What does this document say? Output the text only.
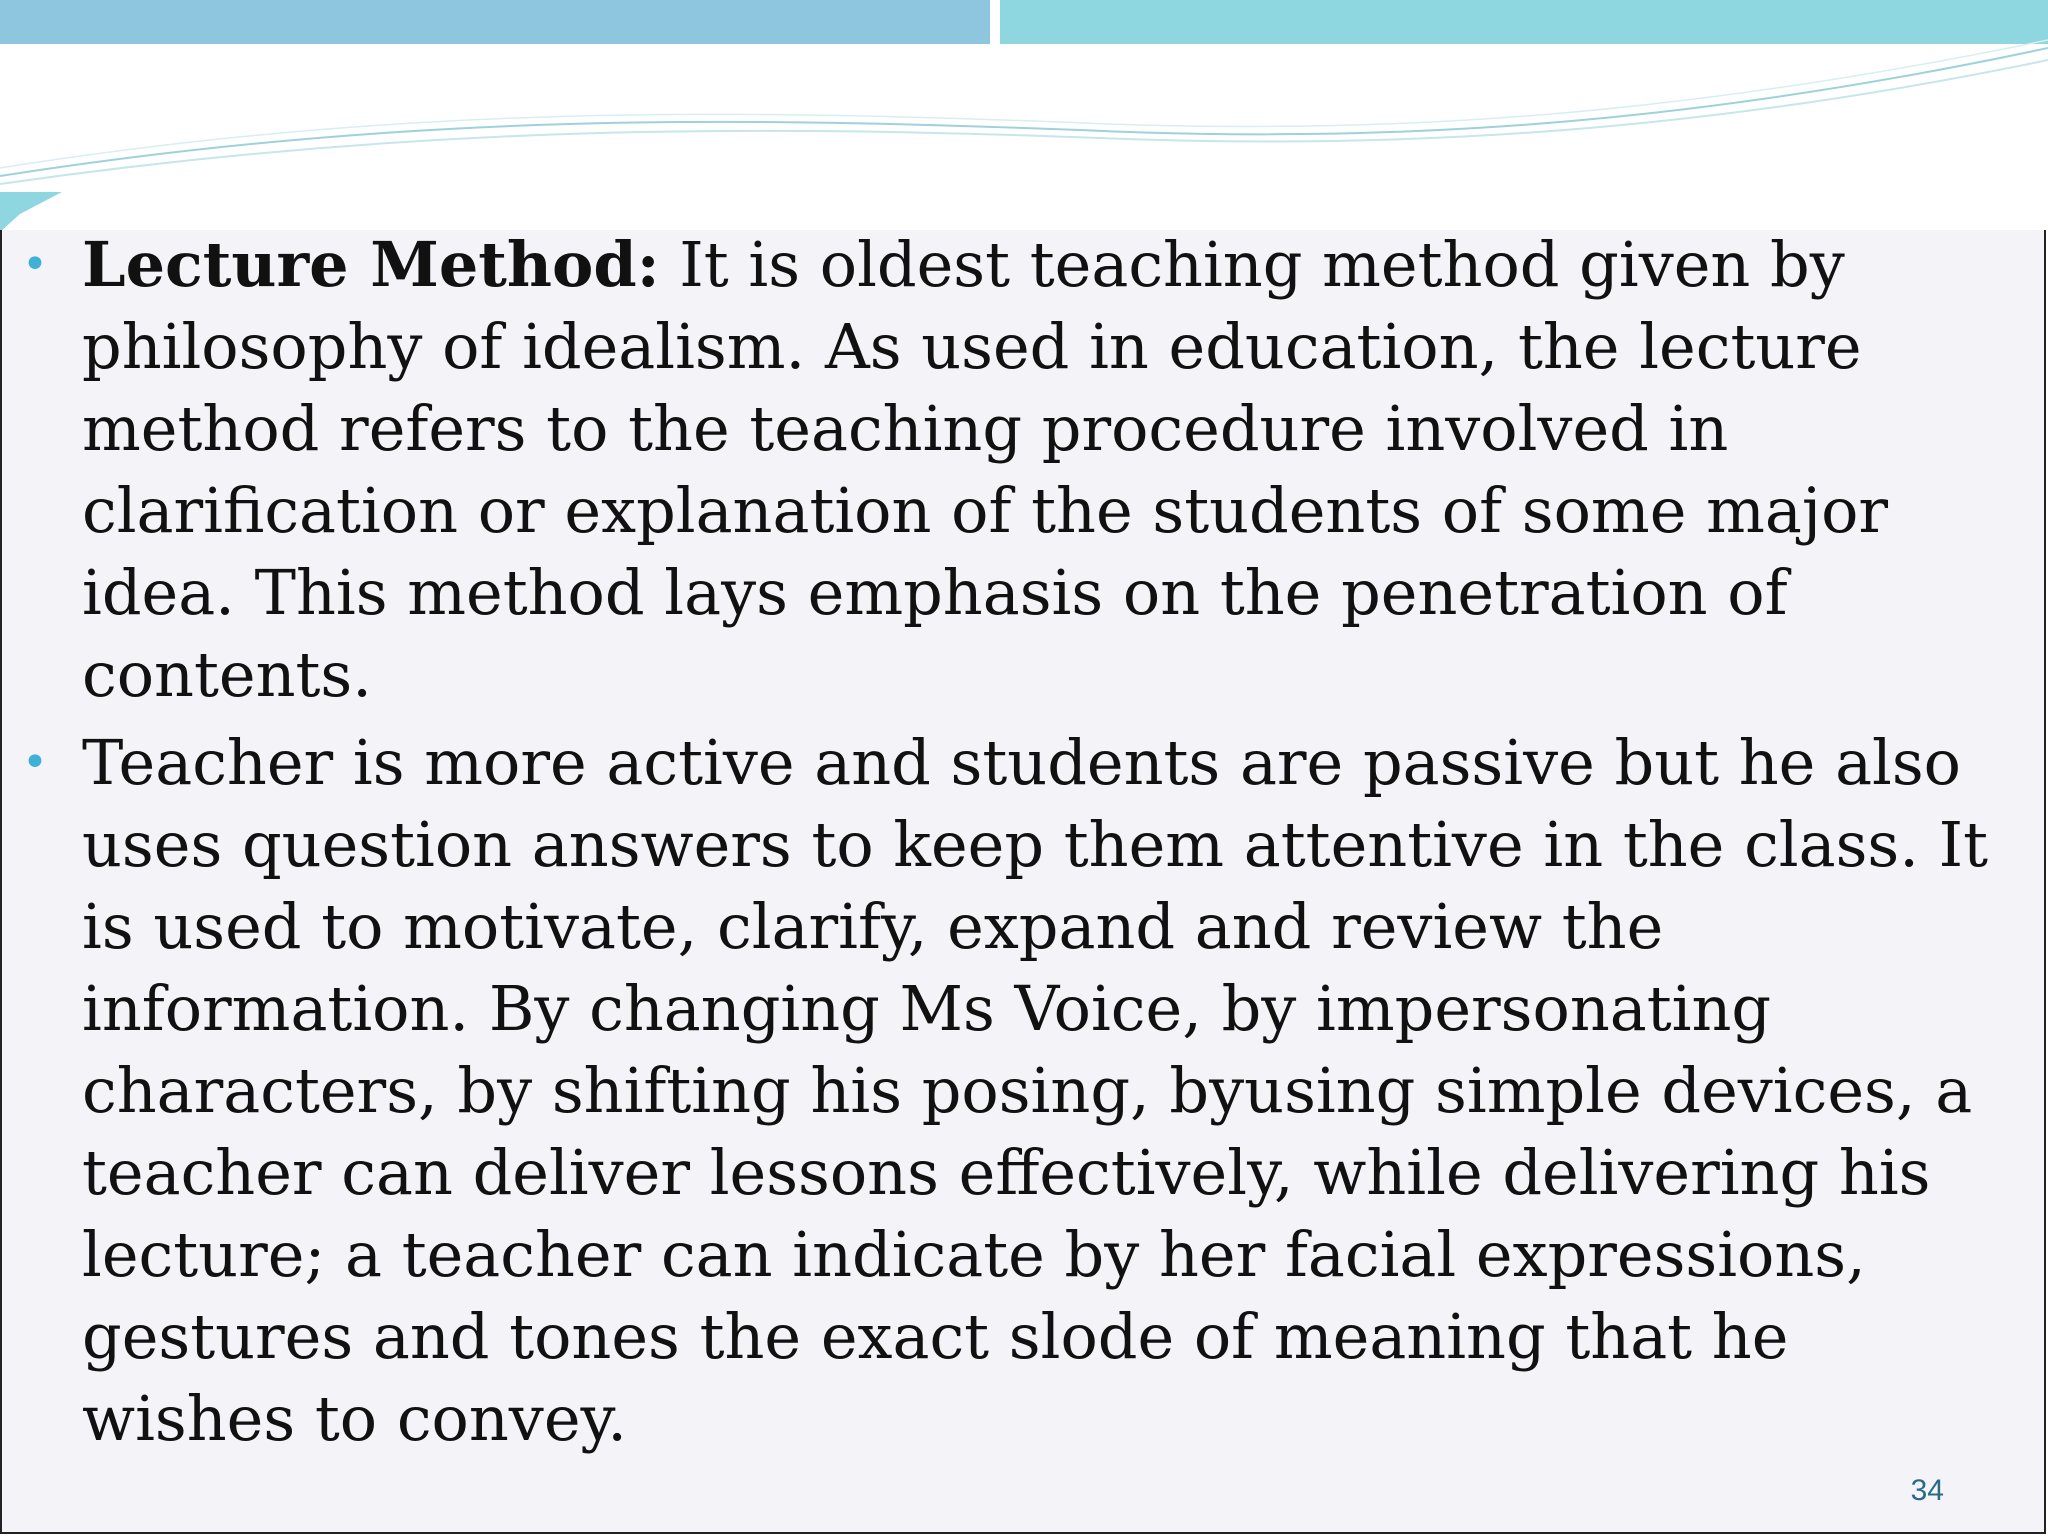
• Lecture Method: It is oldest teaching method given by philosophy of idealism. As used in education, the lecture method refers to the teaching procedure involved in clarification or explanation of the students of some major idea. This method lays emphasis on the penetration of contents.
• Teacher is more active and students are passive but he also uses question answers to keep them attentive in the class. It is used to motivate, clarify, expand and review the information. By changing Ms Voice, by impersonating characters, by shifting his posing, byusing simple devices, a teacher can deliver lessons effectively, while delivering his lecture; a teacher can indicate by her facial expressions, gestures and tones the exact slode of meaning that he wishes to convey.
34
